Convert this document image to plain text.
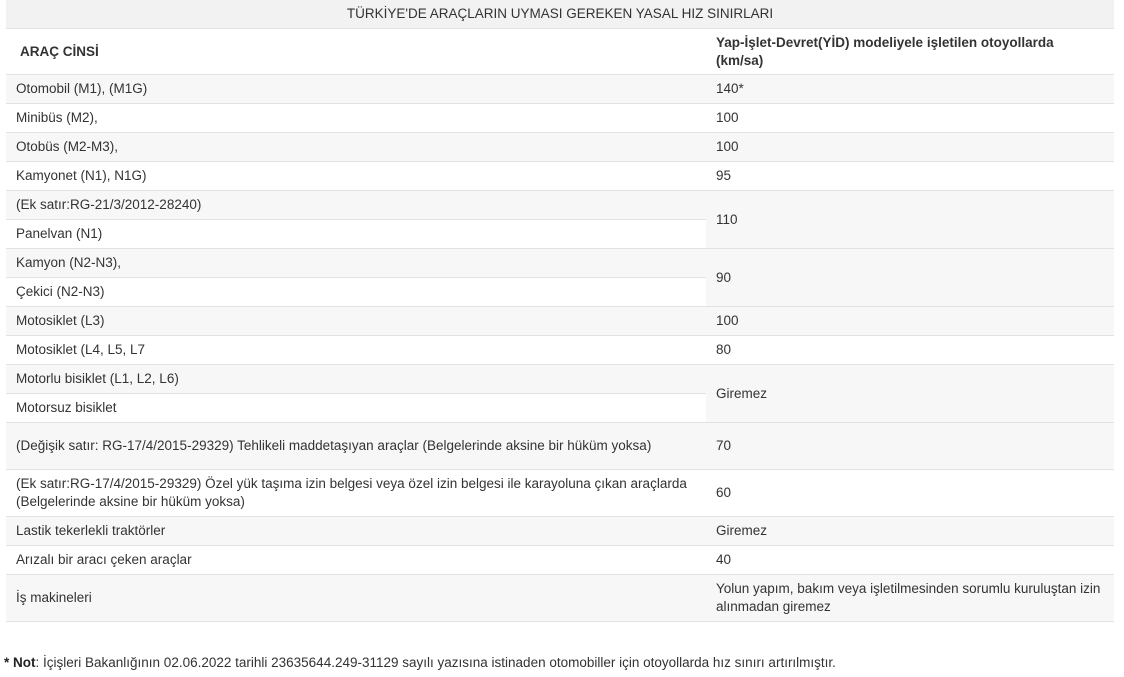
TÜRKİYE'DE ARAÇLARIN UYMASI GEREKEN YASAL HIZ SINIRLARI	
ARAÇ CİNSİ	Yap-İşlet-Devret(YİD) modeliyele işletilen otoyollarda (km/sa)
Otomobil (M1), (M1G)	140*
Minibüs (M2),	100
Otobüs (M2-M3),	100
Kamyonet (N1), N1G)	95
(Ek satır:RG-21/3/2012-28240)	110
Panelvan (N1)	
Kamyon (N2-N3),	90
Çekici (N2-N3)	
Motosiklet (L3)	100
Motosiklet (L4, L5, L7	80
Motorlu bisiklet (L1, L2, L6)	Giremez
Motorsuz bisiklet	
(Değişik satır: RG-17/4/2015-29329) Tehlikeli maddetaşıyan araçlar (Belgelerinde aksine bir hüküm yoksa)	70
(Ek satır:RG-17/4/2015-29329) Özel yük taşıma izin belgesi veya özel izin belgesi ile karayoluna çıkan araçlarda (Belgelerinde aksine bir hüküm yoksa)	60
Lastik tekerlekli traktörler	Giremez
Arızalı bir aracı çeken araçlar	40
İş makineleri	Yolun yapım, bakım veya işletilmesinden sorumlu kuruluştan izin alınmadan giremez
* Not: İçişleri Bakanlığının 02.06.2022 tarihli 23635644.249-31129 sayılı yazısına istinaden otomobiller için otoyollarda hız sınırı artırılmıştır.
